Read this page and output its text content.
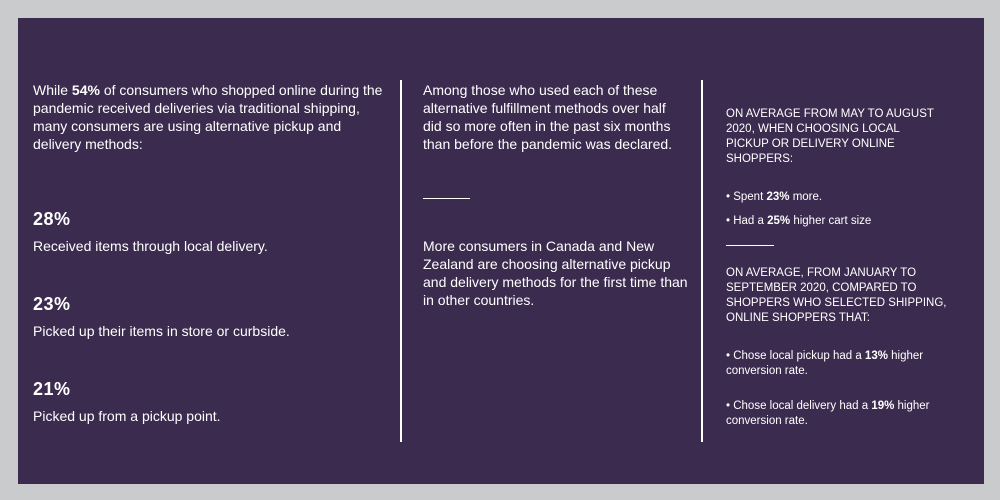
While 54% of consumers who shopped online during the pandemic received deliveries via traditional shipping, many consumers are using alternative pickup and delivery methods:

28%
Received items through local delivery.
23%
Picked up their items in store or curbside.
21%
Picked up from a pickup point.

Among those who used each of these alternative fulfillment methods over half did so more often in the past six months than before the pandemic was declared.

More consumers in Canada and New Zealand are choosing alternative pickup and delivery methods for the first time than in other countries.

ON AVERAGE FROM MAY TO AUGUST 2020, WHEN CHOOSING LOCAL PICKUP OR DELIVERY ONLINE SHOPPERS:

• Spent 23% more.
• Had a 25% higher cart size

ON AVERAGE, FROM JANUARY TO SEPTEMBER 2020, COMPARED TO SHOPPERS WHO SELECTED SHIPPING, ONLINE SHOPPERS THAT:

• Chose local pickup had a 13% higher conversion rate.
• Chose local delivery had a 19% higher conversion rate.
